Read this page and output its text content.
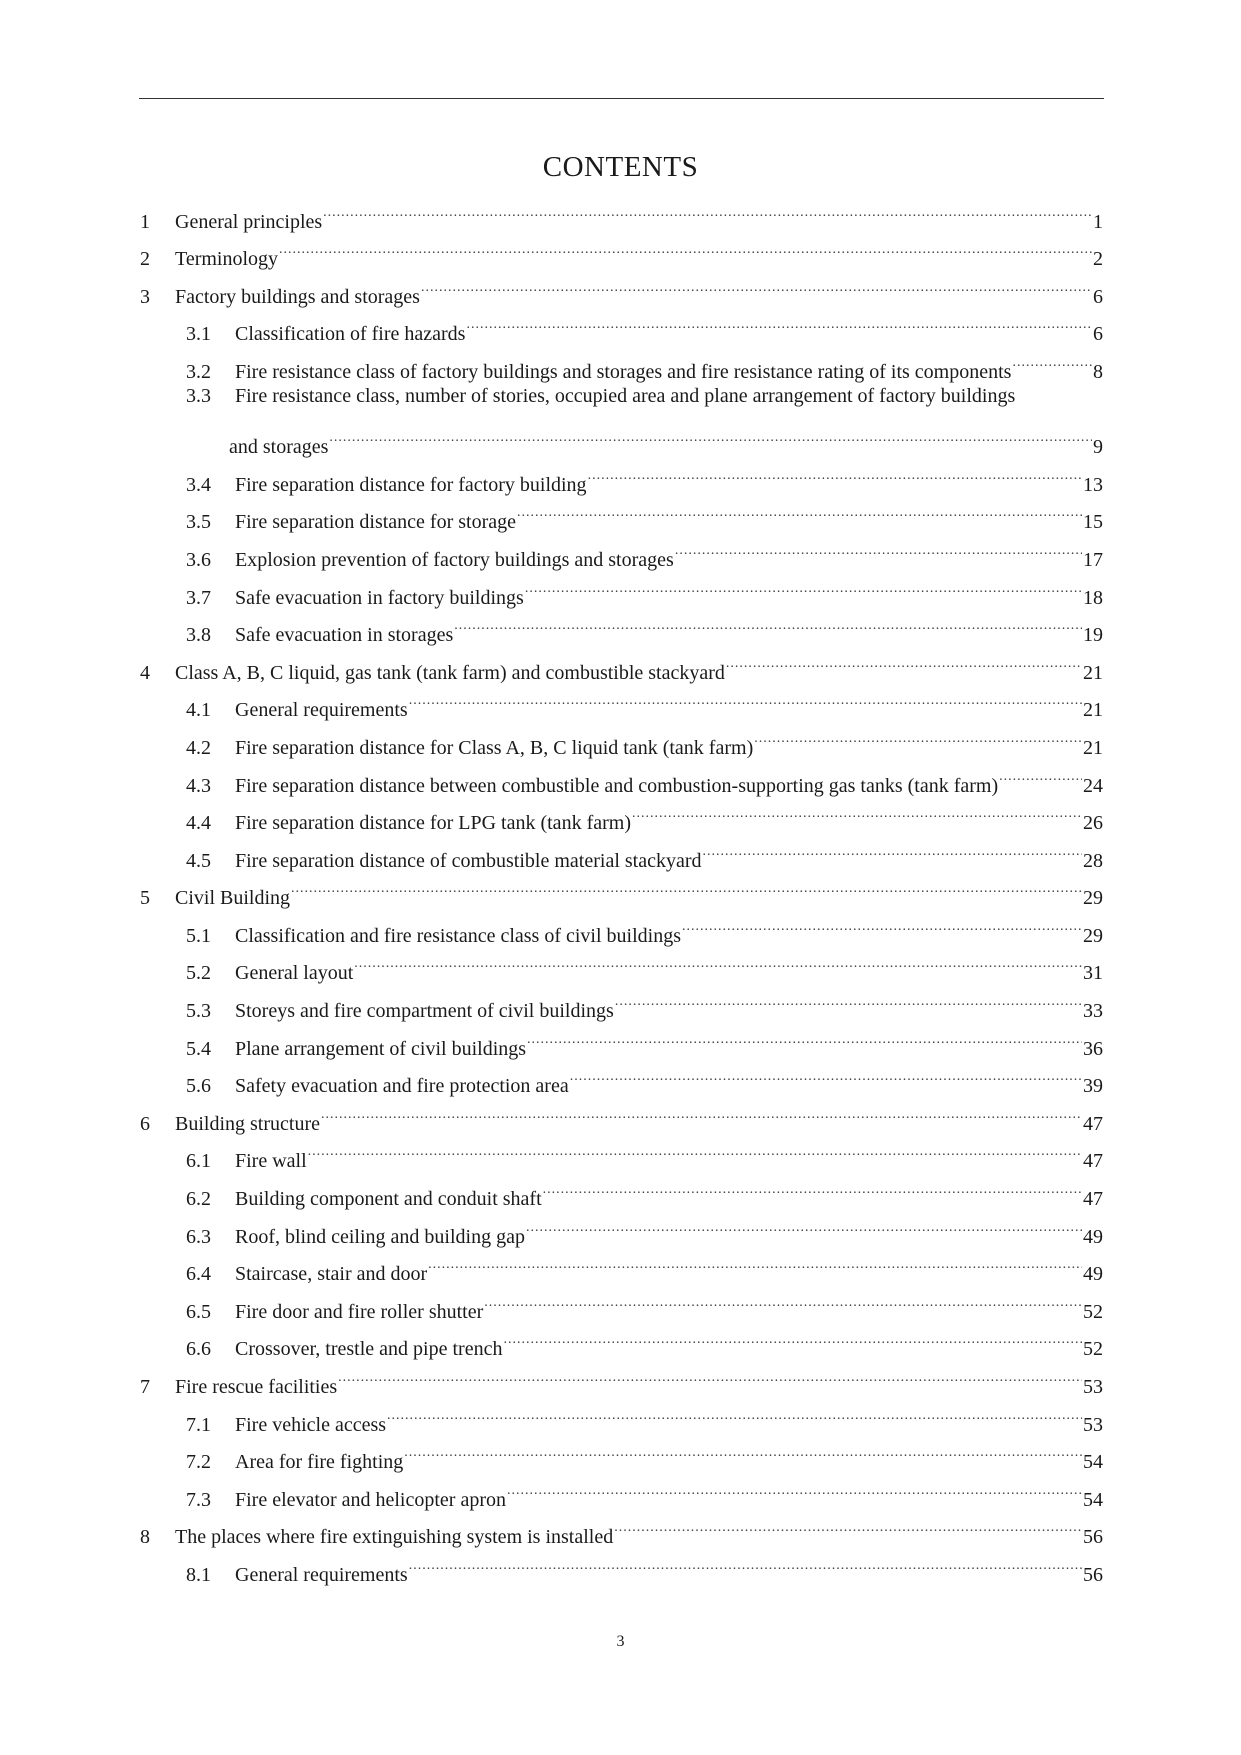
CONTENTS
1	General principles .....	1
2	Terminology .....	2
3	Factory buildings and storages .....	6
3.1	Classification of fire hazards .....	6
3.2	Fire resistance class of factory buildings and storages and fire resistance rating of its components .....	8
3.3 Fire resistance class, number of stories, occupied area and plane arrangement of factory buildings
and storages .....	9
3.4	Fire separation distance for factory building .....	13
3.5	Fire separation distance for storage .....	15
3.6	Explosion prevention of factory buildings and storages .....	17
3.7	Safe evacuation in factory buildings .....	18
3.8	Safe evacuation in storages .....	19
4	Class A, B, C liquid, gas tank (tank farm) and combustible stackyard .....	21
4.1	General requirements .....	21
4.2	Fire separation distance for Class A, B, C liquid tank (tank farm) .....	21
4.3	Fire separation distance between combustible and combustion-supporting gas tanks (tank farm) .....	24
4.4	Fire separation distance for LPG tank (tank farm) .....	26
4.5	Fire separation distance of combustible material stackyard .....	28
5	Civil Building .....	29
5.1	Classification and fire resistance class of civil buildings .....	29
5.2	General layout .....	31
5.3	Storeys and fire compartment of civil buildings .....	33
5.4	Plane arrangement of civil buildings .....	36
5.6	Safety evacuation and fire protection area .....	39
6	Building structure .....	47
6.1	Fire wall .....	47
6.2	Building component and conduit shaft .....	47
6.3	Roof, blind ceiling and building gap .....	49
6.4	Staircase, stair and door .....	49
6.5	Fire door and fire roller shutter .....	52
6.6	Crossover, trestle and pipe trench .....	52
7	Fire rescue facilities .....	53
7.1	Fire vehicle access .....	53
7.2	Area for fire fighting .....	54
7.3	Fire elevator and helicopter apron .....	54
8	The places where fire extinguishing system is installed .....	56
8.1	General requirements .....	56
3
